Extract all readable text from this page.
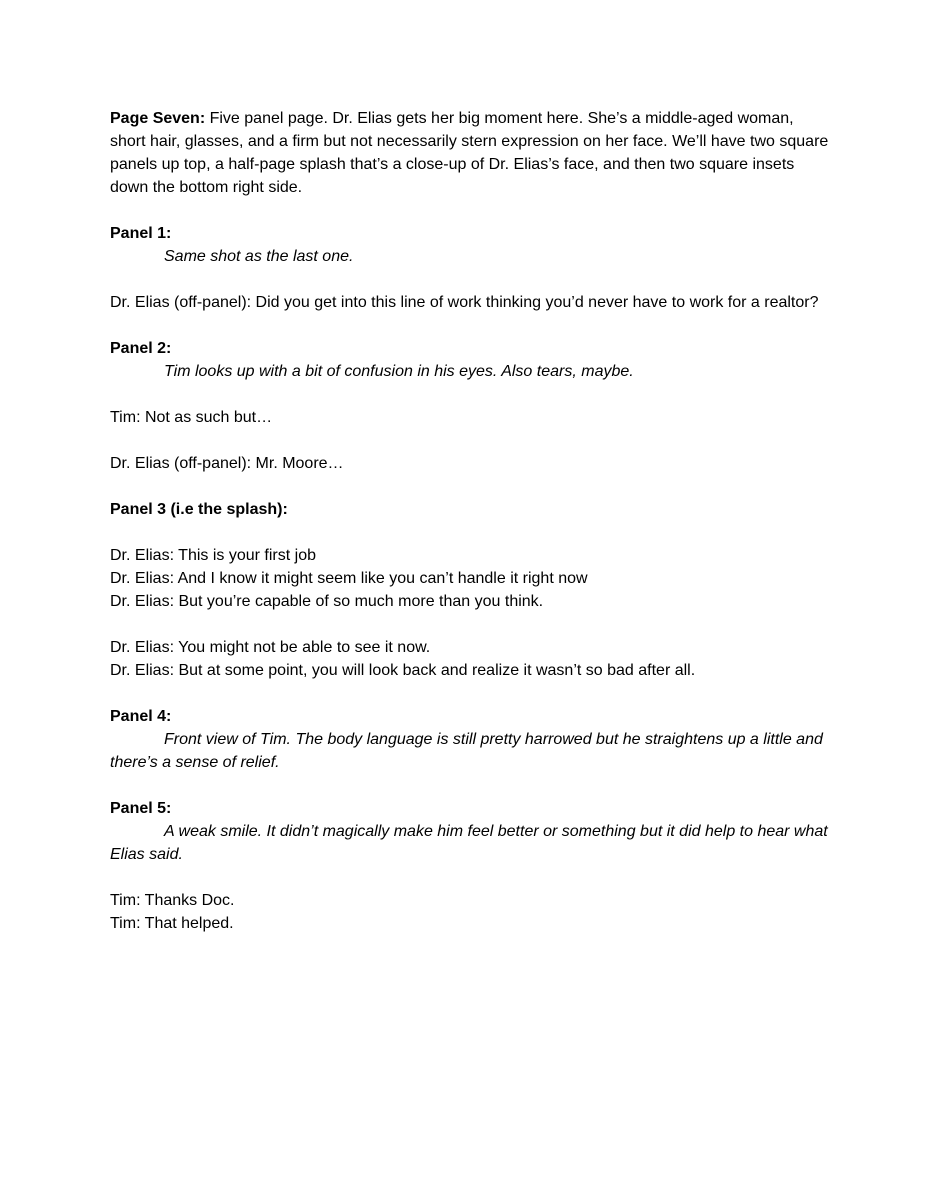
Page Seven: Five panel page. Dr. Elias gets her big moment here. She’s a middle-aged woman, short hair, glasses, and a firm but not necessarily stern expression on her face. We’ll have two square panels up top, a half-page splash that’s a close-up of Dr. Elias’s face, and then two square insets down the bottom right side.

Panel 1:

Same shot as the last one.

Dr. Elias (off-panel): Did you get into this line of work thinking you’d never have to work for a realtor?

Panel 2:

Tim looks up with a bit of confusion in his eyes. Also tears, maybe.

Tim: Not as such but…

Dr. Elias (off-panel): Mr. Moore…

Panel 3 (i.e the splash):

Dr. Elias: This is your first job

Dr. Elias: And I know it might seem like you can’t handle it right now

Dr. Elias: But you’re capable of so much more than you think.

Dr. Elias: You might not be able to see it now.

Dr. Elias: But at some point, you will look back and realize it wasn’t so bad after all.

Panel 4:

Front view of Tim. The body language is still pretty harrowed but he straightens up a little and there’s a sense of relief.

Panel 5:

A weak smile. It didn’t magically make him feel better or something but it did help to hear what Elias said.

Tim: Thanks Doc.

Tim: That helped.
